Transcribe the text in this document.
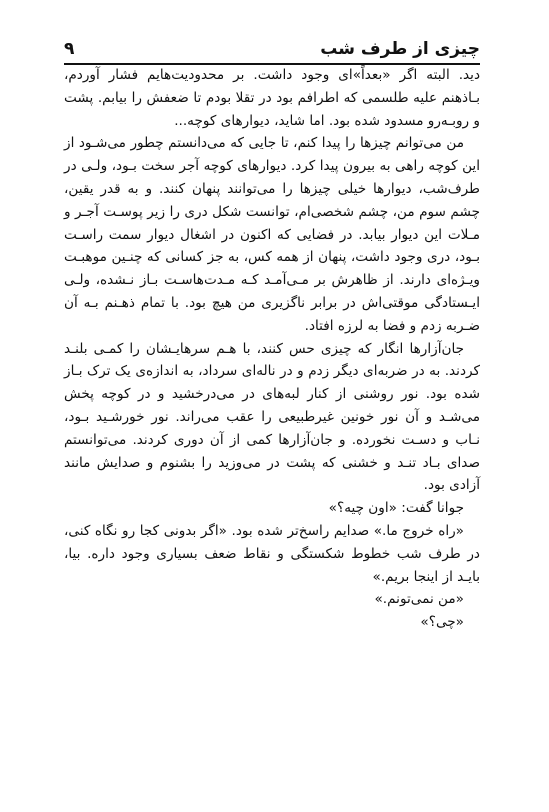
چیزی از طرف شب
۹

دید. البته اگر «بعداً»ای وجود داشت. بر محدودیت‌هایم فشار آوردم، بـاذهنم علیه طلسمی که اطرافم بود در تقلا بودم تا ضعفش را بیابم. پشت و روبـه‌رو مسدود شده بود. اما شاید، دیوارهای کوچه...

من می‌توانم چیزها را پیدا کنم، تا جایی که می‌دانستم چطور می‌شـود از این کوچه راهی به بیرون پیدا کرد. دیوارهای کوچه آجر سخت بـود، ولـی در طرف‌شب، دیوارها خیلی چیزها را می‌توانند پنهان کنند. و به قدر یقین، چشم سوم من، چشم شخصی‌ام، توانست شکل دری را زیر پوسـت آجـر و مـلات این دیوار بیابد. در فضایی که اکنون در اشغال دیوار سمت راسـت بـود، دری وجود داشت، پنهان از همه کس، به جز کسانی که چنـین موهبـت ویـژه‌ای دارند. از ظاهرش بر مـی‌آمـد کـه مـدت‌هاسـت بـاز نـشده، ولـی ایـستادگی موقتی‌اش در برابر ناگزیری من هیچ بود. با تمام ذهـنم بـه آن ضـربه زدم و فضا به لرزه افتاد.

جان‌آزارها انگار که چیزی حس کنند، با هـم سرهایـشان را کمـی بلنـد کردند. به در ضربه‌ای دیگر زدم و در ناله‌ای سرداد، به اندازه‌ی یک ترک بـاز شده بود. نور روشنی از کنار لبه‌های در می‌درخشید و در کوچه پخش می‌شـد و آن نور خونین غیرطبیعی را عقب می‌راند. نور خورشـید بـود، نـاب و دسـت نخورده. و جان‌آزارها کمی از آن دوری کردند. می‌توانستم صدای بـاد تنـد و خشنی که پشت در می‌وزید را بشنوم و صدایش مانند آزادی بود.

جوانا گفت: «اون چیه؟»

«راه خروج ما.» صدایم راسخ‌تر شده بود. «اگر بدونی کجا رو نگاه کنی، در طرف شب خطوط شکستگی و نقاط ضعف بسیاری وجود داره. بیا، بایـد از اینجا بریم.»

«من نمی‌تونم.»

«چی؟»
